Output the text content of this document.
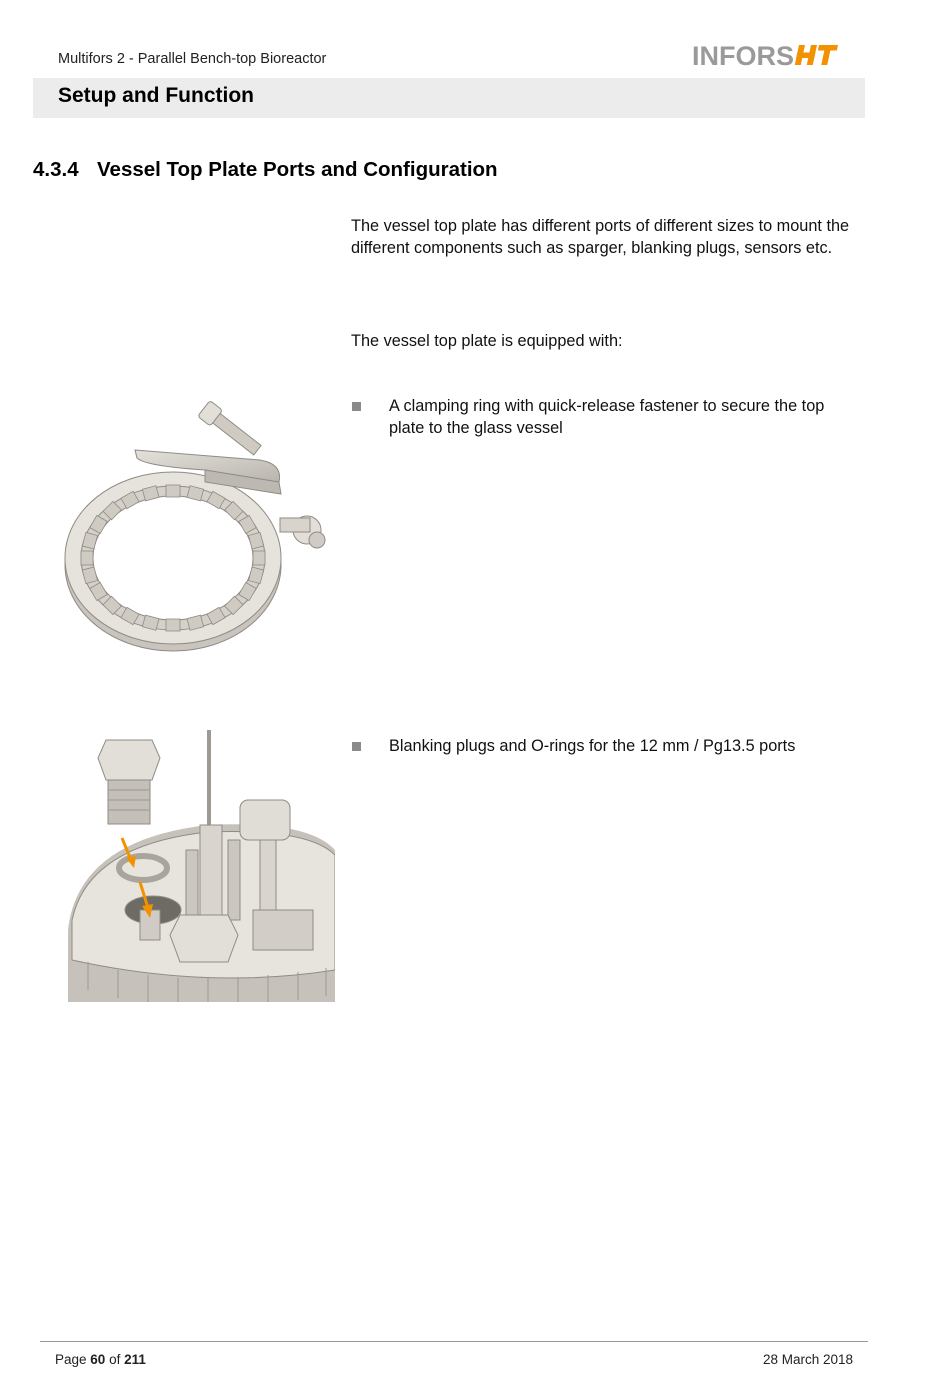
Multifors 2 - Parallel Bench-top Bioreactor	INFORS
Setup and Function
4.3.4 Vessel Top Plate Ports and Configuration
The vessel top plate has different ports of different sizes to mount the different components such as sparger, blanking plugs, sensors etc.
The vessel top plate is equipped with:
A clamping ring with quick-release fastener to secure the top plate to the glass vessel
Blanking plugs and O-rings for the 12 mm / Pg13.5 ports
Page 60 of 211	28 March 2018
